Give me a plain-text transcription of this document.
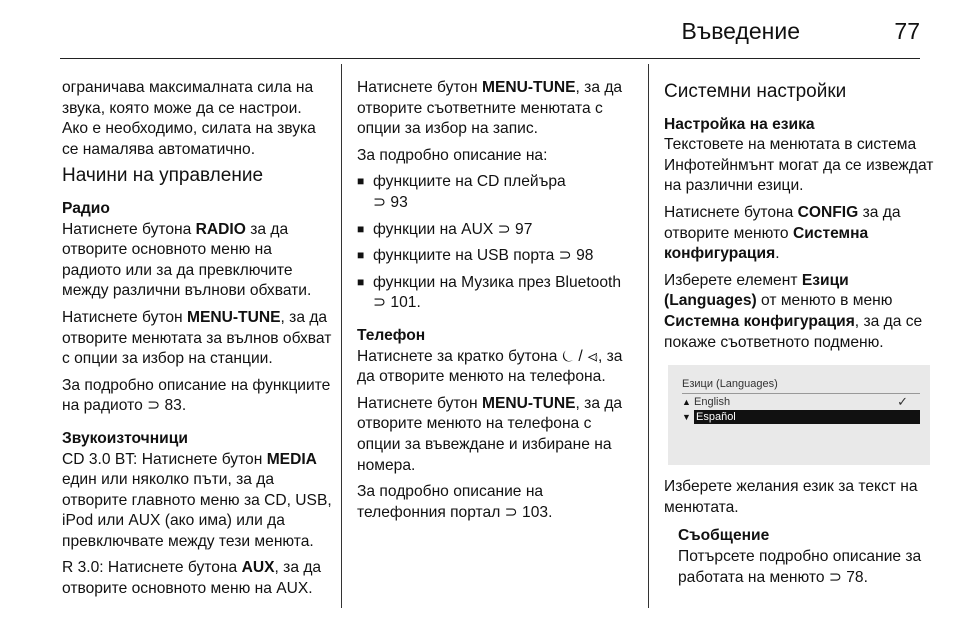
Въведение	77

ограничава максималната сила на звука, която може да се настрои. Ако е необходимо, силата на звука се намалява автоматично.

Начини на управление
Радио

Натиснете бутона RADIO за да отворите основното меню на радиото или за да превключите между различни вълнови обхвати.

Натиснете бутон MENU-TUNE, за да отворите менютата за вълнов обхват с опции за избор на станции.

За подробно описание на функциите на радиото ⊃ 83.

Звукоизточници

CD 3.0 BT: Натиснете бутон MEDIA един или няколко пъти, за да отворите главното меню за CD, USB, iPod или AUX (ако има) или да превключвате между тези менюта.

R 3.0: Натиснете бутона AUX, за да отворите основното меню на AUX.

Натиснете бутон MENU-TUNE, за да отворите съответните менютата с опции за избор на запис.

За подробно описание на:

■ функциите на CD плейъра
⊃ 93
■ функции на AUX ⊃ 97
■ функциите на USB порта ⊃ 98
■ функции на Музика през Bluetooth ⊃ 101.
Телефон

Натиснете за кратко бутона ⏾ / ⏿, за да отворите менюто на телефона.

Натиснете бутон MENU-TUNE, за да отворите менюто на телефона с опции за въвеждане и избиране на номера.

За подробно описание на телефонния портал ⊃ 103.

Системни настройки
Настройка на езика

Текстовете на менютата в система Инфотейнмънт могат да се извеждат на различни езици.

Натиснете бутона CONFIG за да отворите менюто Системна конфигурация.

Изберете елемент Езици (Languages) от менюто в меню Системна конфигурация, за да се покаже съответното подменю.

Езици (Languages)
▲ English	✓
▼ Español

Изберете желания език за текст на менютата.

Съобщение

Потърсете подробно описание за работата на менюто ⊃ 78.
